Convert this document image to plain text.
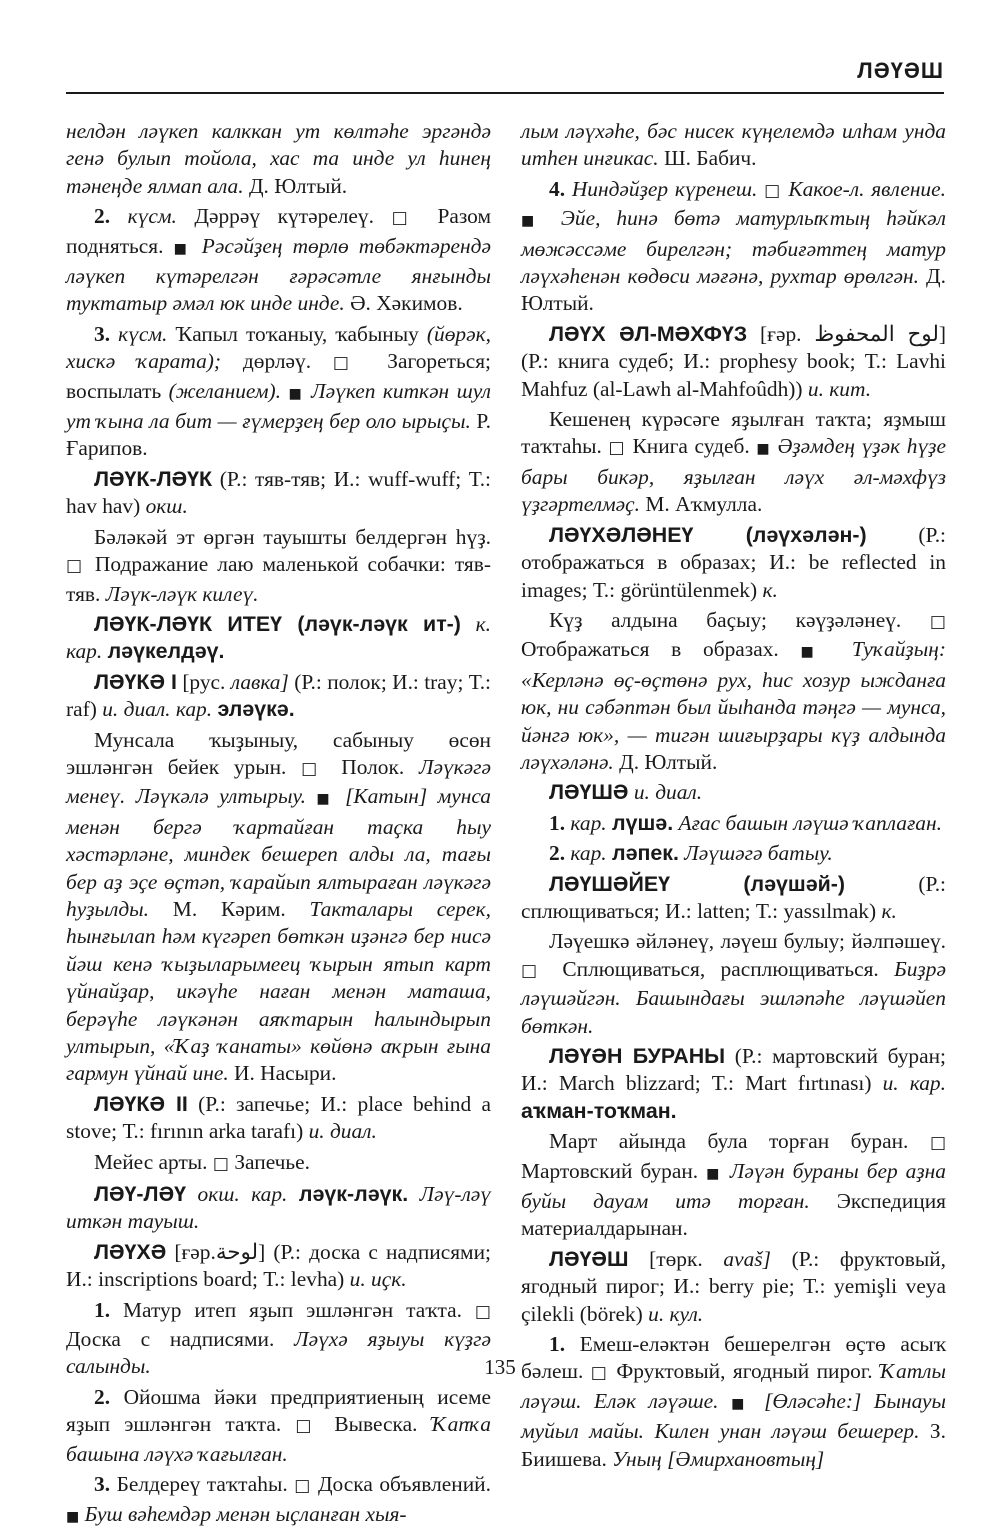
ЛӘҮӘШ

нелдән ләүкеп калккан ут көлтәһе эргәндә генә булып тойола, хас та инде ул һинең тәнеңде ялмап ала. Д. Юлтый.

2. күсм. Дәррәү күтәрелеү. □ Разом подняться. ■ Рәсәйҙең төрлө төбәктәрендә ләүкеп күтәрелгән ғәрәсәтле янғынды туктатыр әмәл юк инде инде. Ә. Хәкимов.

3. күсм. Ҡапыл тоҡаныу, ҡабыныу (йөрәк, хискә ҡарата); дөрләү. □ Загореться; воспылать (желанием). ■ Ләүкеп киткән шул ут ҡына ла бит — ғүмерҙең бер оло ырыҫы. Р. Ғарипов.

ЛӘҮК-ЛӘҮК (Р.: тяв-тяв; И.: wuff-wuff; Т.: hav hav) окш.

Бәләкәй эт өргән тауышты белдергән һүҙ. □ Подражание лаю маленькой собачки: тяв-тяв. Ләүк-ләүк килеү.

ЛӘҮК-ЛӘҮК ИТЕҮ (ләүк-ләүк ит-) к. кар. ләүкелдәү.

ЛӘҮКӘ I [рус. лавка] (Р.: полок; И.: tray; Т.: raf) и. диал. кар. эләүкә.

Мунсала ҡыҙыныу, сабыныу өсөн эшләнгән бейек урын. □ Полок. Ләүкәгә менеү. Ләүкәлә ултырыу. ■ [Катын] мунса менән бергә ҡартайған таҫка һыу хәстәрләне, миндек бешереп алды ла, тағы бер аҙ эҫе өҫтәп, ҡарайып ялтыраған ләүкәгә һуҙылды. М. Кәрим. Такталары серек, һынғылап һәм күгәреп бөткән иҙәнгә бер нисә йәш кенә ҡыҙыларымеец ҡырын ятып карт үйнайҙар, икәүһе наған менән маташа, берәүһе ләүкәнән аяҡтарын һалындырып ултырып, «Ҡаҙ ҡанаты» көйөнә аҡрын ғына гармун үйнай ине. И. Насыри.

ЛӘҮКӘ II (Р.: запечье; И.: place behind a stove; Т.: fırının arka tarafı) и. диал.

Мейес арты. □ Запечье.

ЛӘҮ-ЛӘҮ окш. кар. ләүк-ләүк. Ләү-ләү иткән тауыш.

ЛӘҮХӘ [ғәр.لوحة] (Р.: доска с надписями; И.: inscriptions board; Т.: levha) и. иҫк.

1. Матур итеп яҙып эшләнгән таҡта. □ Доска с надписями. Ләүхә яҙыуы күҙгә салынды.

2. Ойошма йәки предприятиеның исеме яҙып эшләнгән таҡта. □ Вывеска. Ҡапҡа башына ләүхә ҡағылған.

3. Белдереү таҡтаһы. □ Доска объявлений. ■ Буш вәһемдәр менән ыҫланған хыя-

лым ләүхәһе, бәс нисек күңелемдә илһам унда итһен инғикас. Ш. Бабич.

4. Ниндәйҙер күренеш. □ Какое-л. явление. ■ Эйе, һинә бөтә матурлыҡтың һәйкәл мөжәссәме бирелгән; тәбиғәттең матур ләүхәһенән көдөси мәғәнә, рухтар өрөлгән. Д. Юлтый.

ЛӘҮХ ӘЛ-МӘХФҮЗ [ғәр. لوح المحفوظ] (Р.: книга судеб; И.: prophesy book; Т.: Lavhi Mahfuz (al-Lawh al-Mahfoûdh)) и. кит.

Кешенең күрәсәге яҙылған таҡта; яҙмыш таҡтаһы. □ Книга судеб. ■ Әҙәмдең үҙәк һүҙе бары бикәр, яҙылған ләүх әл-мәхфүз үҙгәртелмәҫ. М. Аҡмулла.

ЛӘҮХӘЛӘНЕҮ (ләүхәлән-) (Р.: отображаться в образах; И.: be reflected in images; Т.: görüntülenmek) к.

Күҙ алдына баҫыу; кәүҙәләнеү. □ Отображаться в образах. ■ Туҡайҙың: «Керләнә өҫ-өҫтөнә рух, һис хозур ыжданға юк, ни сәбәптән был йыһанда тәңгә — мунса, йәнгә юк», — тигән шиғырҙары күҙ алдында ләүхәләнә. Д. Юлтый.

ЛӘҮШӘ и. диал.

1. кар. лүшә. Ағас башын ләүшә ҡаплаған.

2. кар. ләпек. Ләүшәгә батыу.

ЛӘҮШӘЙЕҮ	(ләүшәй-)	(Р.: сплющиваться; И.: latten; Т.: yassılmak) к.

Ләүешкә әйләнеү, ләүеш булыу; йәлпәшеү. □ Сплющиваться, расплющиваться. Биҙрә ләүшәйгән. Башындағы эшләпәһе ләүшәйеп бөткән.

ЛӘҮӘН БУРАНЫ (Р.: мартовский буран; И.: March blizzard; Т.: Mart fırtınası) и. кар. аҡман-тоҡман.

Март айында була торған буран. □ Мартовский буран. ■ Ләүән бураны бер аҙна буйы дауам итә торған. Экспедиция материалдарынан.

ЛӘҮӘШ [төрк. avaš] (Р.: фруктовый, ягодный пирог; И.: berry pie; Т.: yemişli veya çilekli (börek) и. кул.

1. Емеш-еләктән бешерелгән өҫтө асыҡ бәлеш. □ Фруктовый, ягодный пирог. Ҡатлы ләүәш. Еләк ләүәше. ■ [Өләсәһе:] Бынауы муйыл майы. Килен унан ләүәш бешерер. З. Биишева. Уның [Әмирхановтың]

135
